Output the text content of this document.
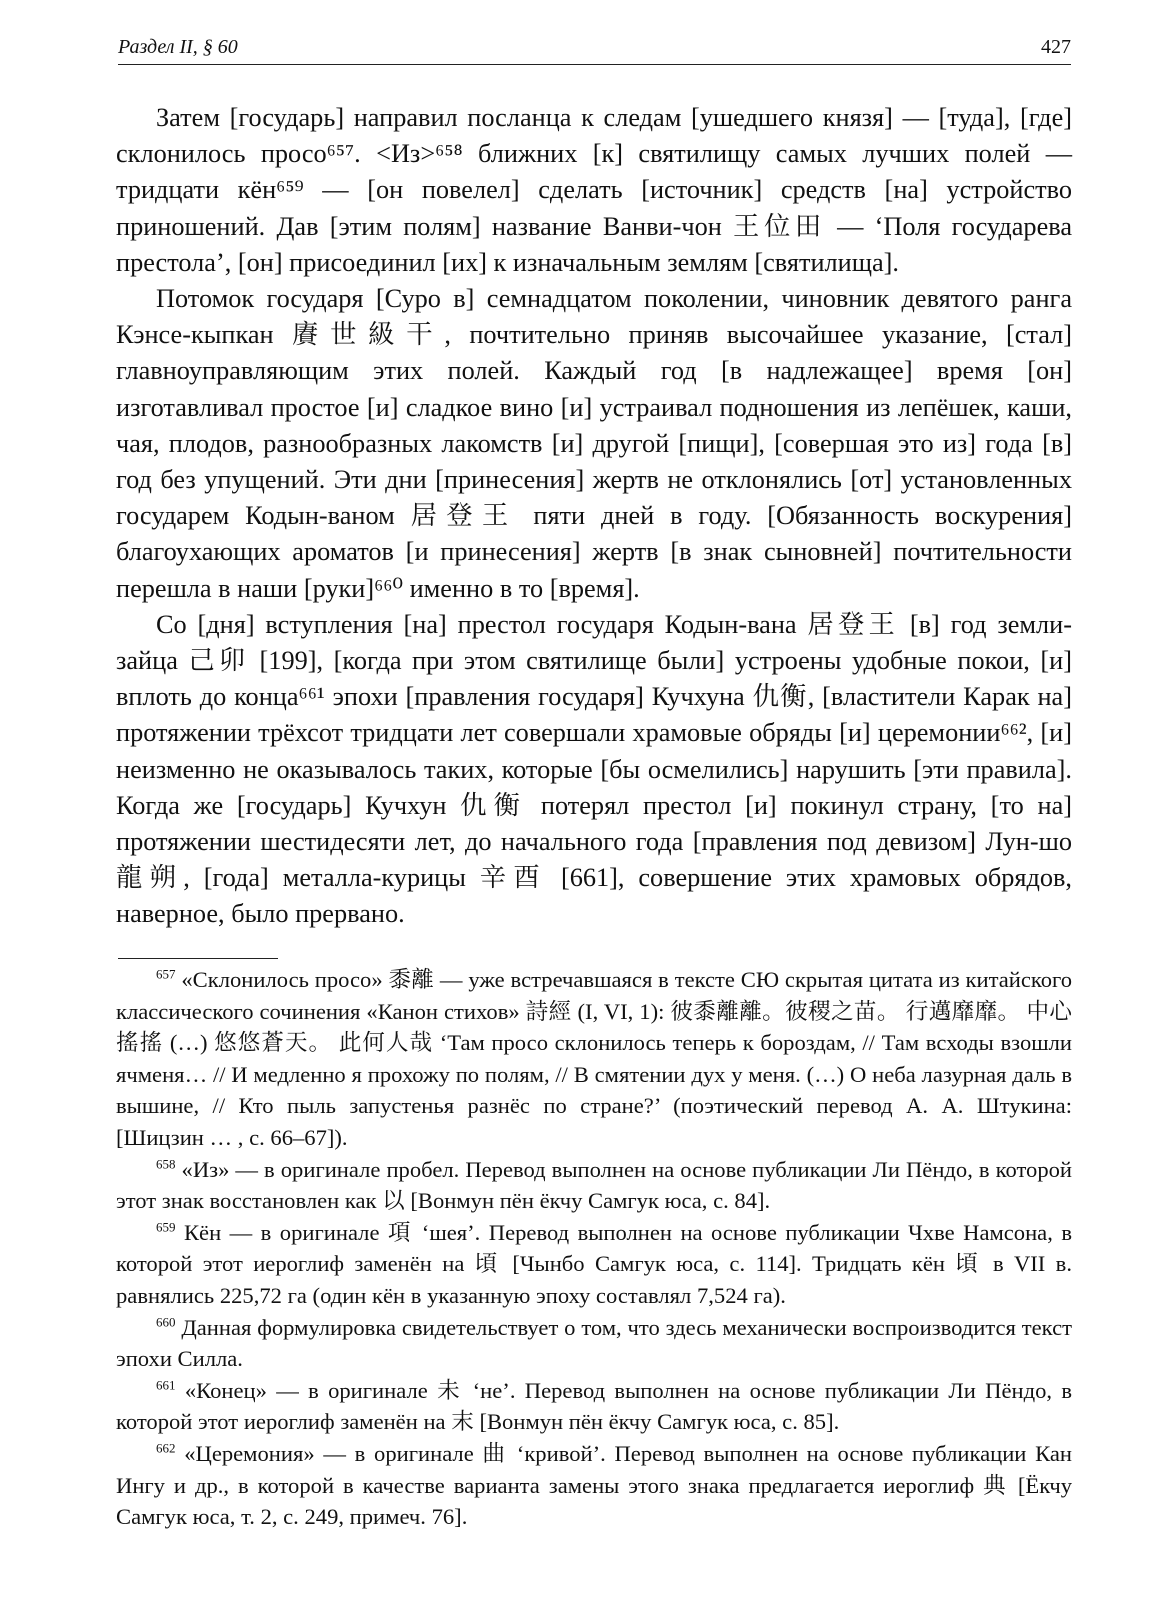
Раздел II, § 60	427

Затем [государь] направил посланца к следам [ушедшего князя] — [туда], [где] склонилось просо⁶⁵⁷. <Из>⁶⁵⁸ ближних [к] святилищу самых лучших полей — тридцати кён⁶⁵⁹ — [он повелел] сделать [источник] средств [на] устройство приношений. Дав [этим полям] название Ванви-чон 王位田 — ‘Поля государева престола’, [он] присоединил [их] к изначальным землям [святилища].

Потомок государя [Суро в] семнадцатом поколении, чиновник девятого ранга Кэнсе-кыпкан 賡世級干, почтительно приняв высочайшее указание, [стал] главноуправляющим этих полей. Каждый год [в надлежащее] время [он] изготавливал простое [и] сладкое вино [и] устраивал подношения из лепёшек, каши, чая, плодов, разнообразных лакомств [и] другой [пищи], [совершая это из] года [в] год без упущений. Эти дни [принесения] жертв не отклонялись [от] установленных государем Кодын-ваном 居登王 пяти дней в году. [Обязанность воскурения] благоухающих ароматов [и принесения] жертв [в знак сыновней] почтительности перешла в наши [руки]⁶⁶⁰ именно в то [время].

Со [дня] вступления [на] престол государя Кодын-вана 居登王 [в] год земли-зайца 己卯 [199], [когда при этом святилище были] устроены удобные покои, [и] вплоть до конца⁶⁶¹ эпохи [правления государя] Кучхуна 仇衡, [властители Карак на] протяжении трёхсот тридцати лет совершали храмовые обряды [и] церемонии⁶⁶², [и] неизменно не оказывалось таких, которые [бы осмелились] нарушить [эти правила]. Когда же [государь] Кучхун 仇衡 потерял престол [и] покинул страну, [то на] протяжении шестидесяти лет, до начального года [правления под девизом] Лун-шо 龍朔, [года] металла-курицы 辛酉 [661], совершение этих храмовых обрядов, наверное, было прервано.

$^{657}$ «Склонилось просо» 黍離 — уже встречавшаяся в тексте СЮ скрытая цитата из китайского классического сочинения «Канон стихов» 詩經 (I, VI, 1): 彼黍離離。彼稷之苗。 行邁靡靡。 中心搖搖 (…) 悠悠蒼天。 此何人哉 ‘Там просо склонилось теперь к бороздам, // Там всходы взошли ячменя… // И медленно я прохожу по полям, // В смятении дух у меня. (…) О неба лазурная даль в вышине, // Кто пыль запустенья разнёс по стране?’ (поэтический перевод А. А. Штукина: [Шицзин … , с. 66–67]).

$^{658}$ «Из» — в оригинале пробел. Перевод выполнен на основе публикации Ли Пёндо, в которой этот знак восстановлен как 以 [Вонмун пён ёкчу Самгук юса, с. 84].

$^{659}$ Кён — в оригинале 項 ‘шея’. Перевод выполнен на основе публикации Чхве Намсона, в которой этот иероглиф заменён на 頃 [Чынбо Самгук юса, с. 114]. Тридцать кён 頃 в VII в. равнялись 225,72 га (один кён в указанную эпоху составлял 7,524 га).

$^{660}$ Данная формулировка свидетельствует о том, что здесь механически воспроизводится текст эпохи Силла.

$^{661}$ «Конец» — в оригинале 未 ‘не’. Перевод выполнен на основе публикации Ли Пёндо, в которой этот иероглиф заменён на 末 [Вонмун пён ёкчу Самгук юса, с. 85].

$^{662}$ «Церемония» — в оригинале 曲 ‘кривой’. Перевод выполнен на основе публикации Кан Ингу и др., в которой в качестве варианта замены этого знака предлагается иероглиф 典 [Ёкчу Самгук юса, т. 2, с. 249, примеч. 76].
